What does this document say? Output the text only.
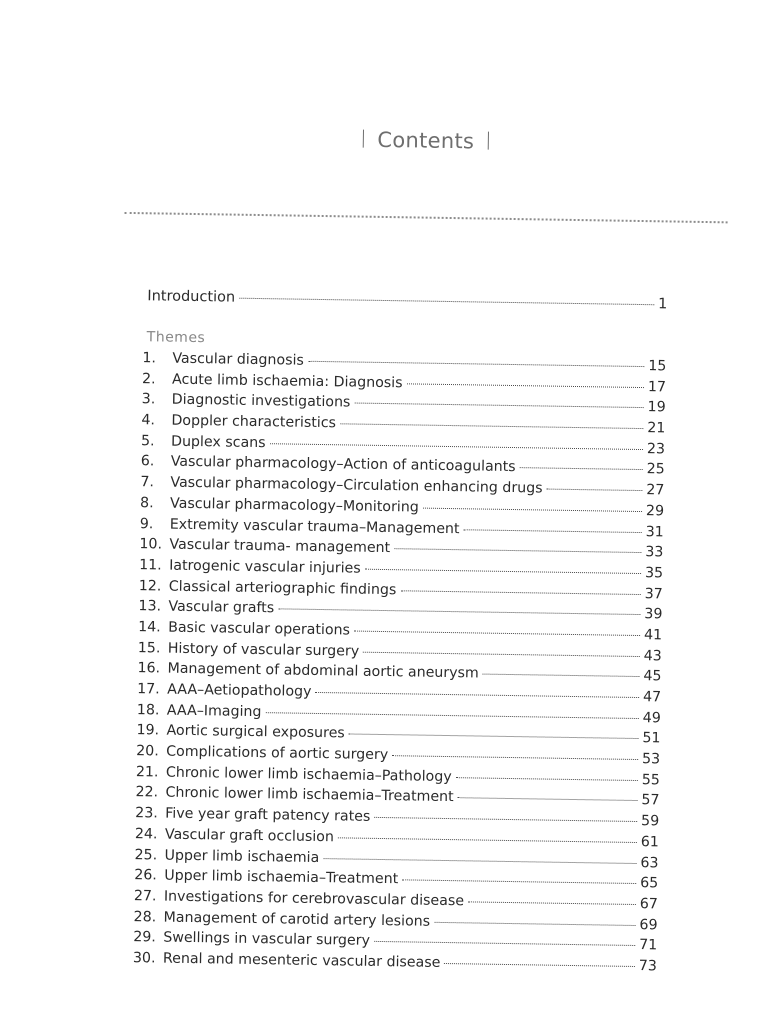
Contents
Introduction	1
Themes
1.	Vascular diagnosis	15
2.	Acute limb ischaemia: Diagnosis	17
3.	Diagnostic investigations	19
4.	Doppler characteristics	21
5.	Duplex scans	23
6.	Vascular pharmacology–Action of anticoagulants	25
7.	Vascular pharmacology–Circulation enhancing drugs	27
8.	Vascular pharmacology–Monitoring	29
9.	Extremity vascular trauma–Management	31
10. Vascular trauma- management	33
11. Iatrogenic vascular injuries	35
12. Classical arteriographic findings	37
13. Vascular grafts	39
14. Basic vascular operations	41
15. History of vascular surgery	43
16. Management of abdominal aortic aneurysm	45
17. AAA–Aetiopathology	47
18. AAA–Imaging	49
19. Aortic surgical exposures	51
20. Complications of aortic surgery	53
21. Chronic lower limb ischaemia–Pathology	55
22. Chronic lower limb ischaemia–Treatment	57
23. Five year graft patency rates	59
24. Vascular graft occlusion	61
25. Upper limb ischaemia	63
26. Upper limb ischaemia–Treatment	65
27. Investigations for cerebrovascular disease	67
28. Management of carotid artery lesions	69
29. Swellings in vascular surgery	71
30. Renal and mesenteric vascular disease	73
